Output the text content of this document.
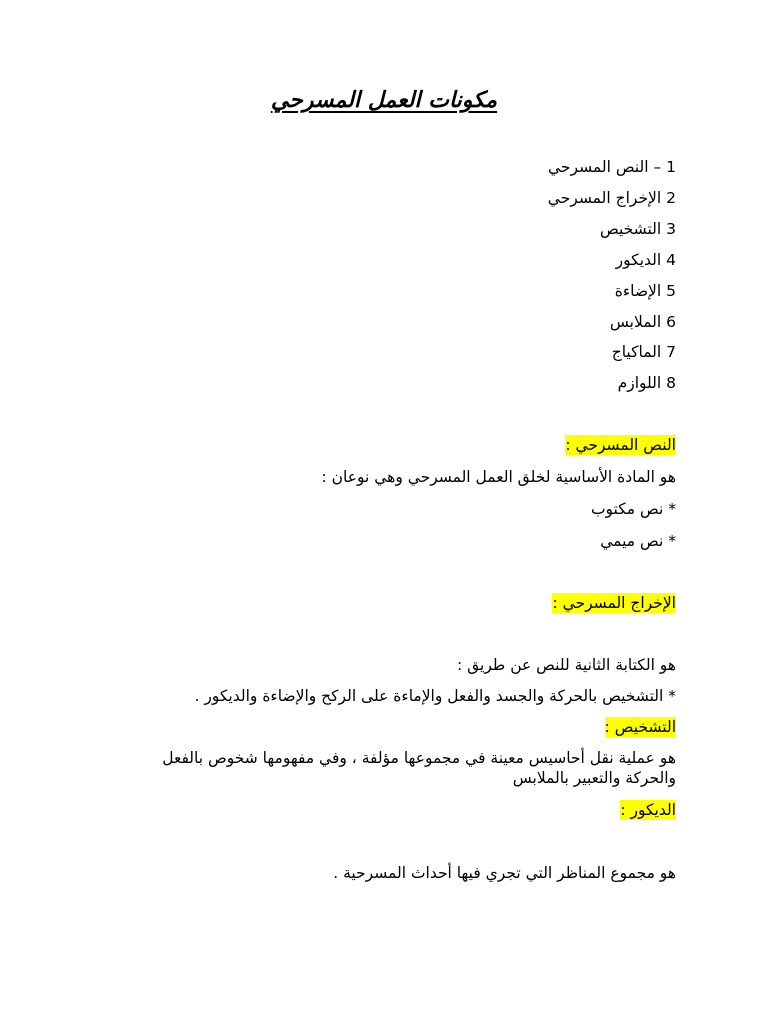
مكونات العمل المسرحي
1 – النص المسرحي
2 الإخراج المسرحي
3 التشخيص
4 الديكور
5 الإضاءة
6 الملابس
7 الماكياج
8 اللوازم
النص المسرحي :
هو المادة الأساسية لخلق العمل المسرحي وهي نوعان :
* نص مكتوب
* نص ميمي
الإخراج المسرحي :
هو الكتابة الثانية للنص عن طريق :
* التشخيص بالحركة والجسد والفعل والإماءة على الركح والإضاءة والديكور .
التشخيص :
هو عملية نقل أحاسيس معينة في مجموعها مؤلفة ، وفي مفهومها شخوص بالفعل والحركة والتعبير بالملابس
الديكور :
هو مجموع المناظر التي تجري فيها أحداث المسرحية .
